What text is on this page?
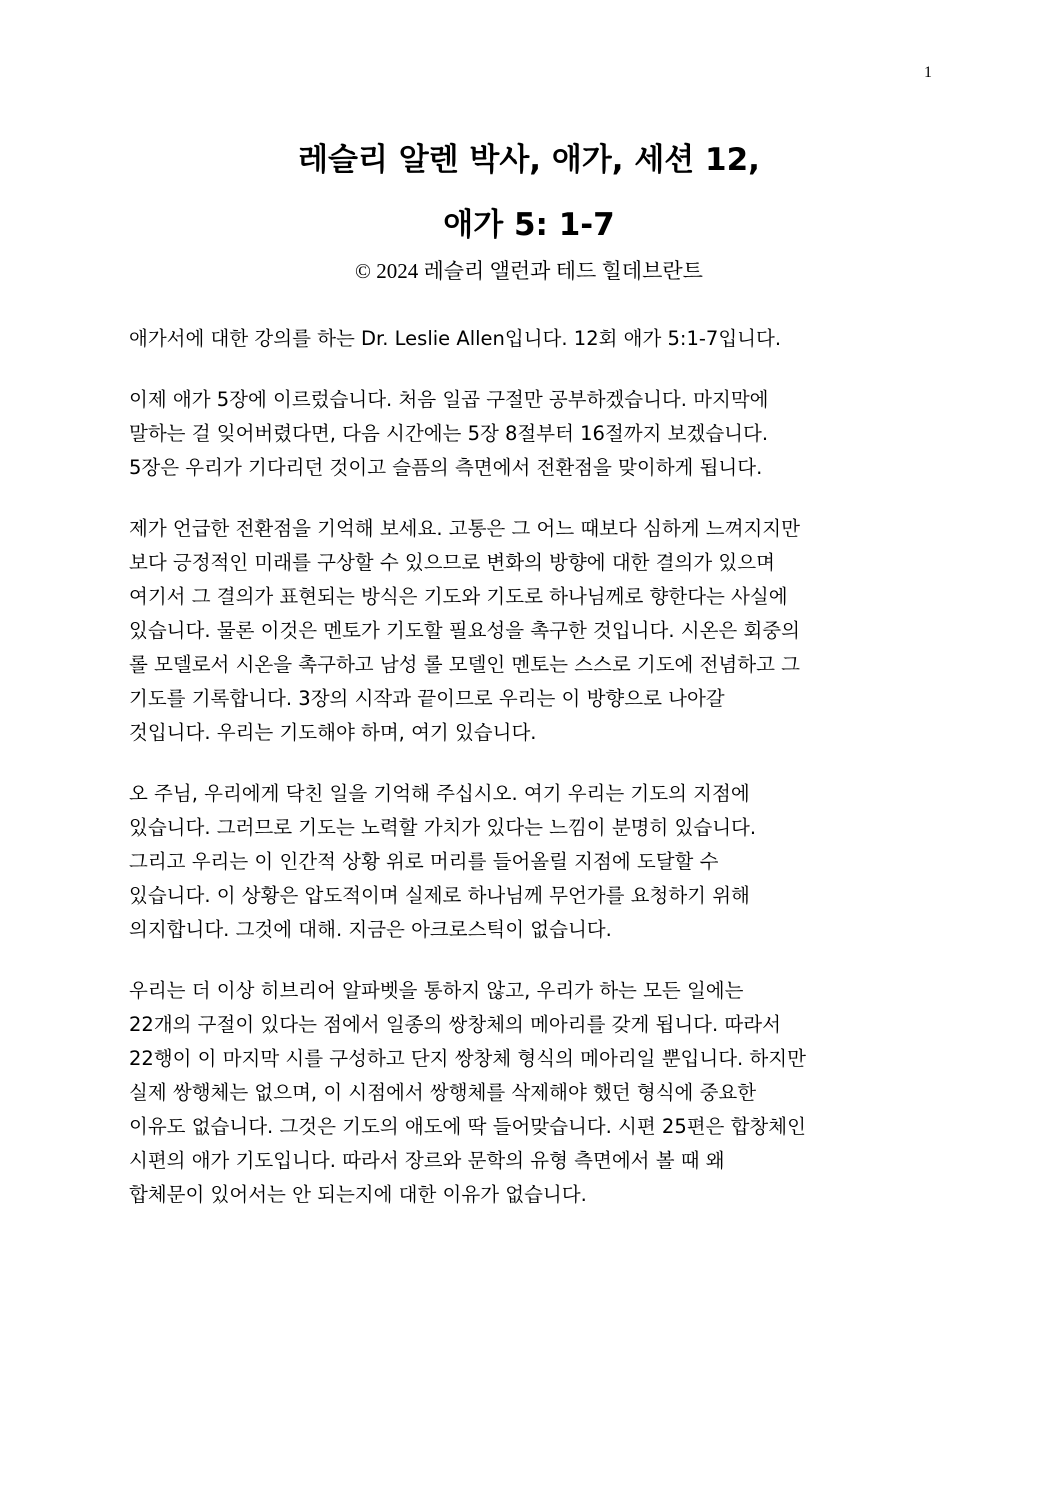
1
레슬리 알렌 박사, 애가, 세션 12,
애가 5: 1-7
© 2024 레슬리 앨런과 테드 힐데브란트

애가서에 대한 강의를 하는 Dr. Leslie Allen입니다. 12회 애가 5:1-7입니다.

이제 애가 5장에 이르렀습니다. 처음 일곱 구절만 공부하겠습니다. 마지막에
말하는 걸 잊어버렸다면, 다음 시간에는 5장 8절부터 16절까지 보겠습니다.
5장은 우리가 기다리던 것이고 슬픔의 측면에서 전환점을 맞이하게 됩니다.

제가 언급한 전환점을 기억해 보세요. 고통은 그 어느 때보다 심하게 느껴지지만
보다 긍정적인 미래를 구상할 수 있으므로 변화의 방향에 대한 결의가 있으며
여기서 그 결의가 표현되는 방식은 기도와 기도로 하나님께로 향한다는 사실에
있습니다. 물론 이것은 멘토가 기도할 필요성을 촉구한 것입니다. 시온은 회중의
롤 모델로서 시온을 촉구하고 남성 롤 모델인 멘토는 스스로 기도에 전념하고 그
기도를 기록합니다. 3장의 시작과 끝이므로 우리는 이 방향으로 나아갈
것입니다. 우리는 기도해야 하며, 여기 있습니다.

오 주님, 우리에게 닥친 일을 기억해 주십시오. 여기 우리는 기도의 지점에
있습니다. 그러므로 기도는 노력할 가치가 있다는 느낌이 분명히 있습니다.
그리고 우리는 이 인간적 상황 위로 머리를 들어올릴 지점에 도달할 수
있습니다. 이 상황은 압도적이며 실제로 하나님께 무언가를 요청하기 위해
의지합니다. 그것에 대해. 지금은 아크로스틱이 없습니다.

우리는 더 이상 히브리어 알파벳을 통하지 않고, 우리가 하는 모든 일에는
22개의 구절이 있다는 점에서 일종의 쌍창체의 메아리를 갖게 됩니다. 따라서
22행이 이 마지막 시를 구성하고 단지 쌍창체 형식의 메아리일 뿐입니다. 하지만
실제 쌍행체는 없으며, 이 시점에서 쌍행체를 삭제해야 했던 형식에 중요한
이유도 없습니다. 그것은 기도의 애도에 딱 들어맞습니다. 시편 25편은 합창체인
시편의 애가 기도입니다. 따라서 장르와 문학의 유형 측면에서 볼 때 왜
합체문이 있어서는 안 되는지에 대한 이유가 없습니다.
